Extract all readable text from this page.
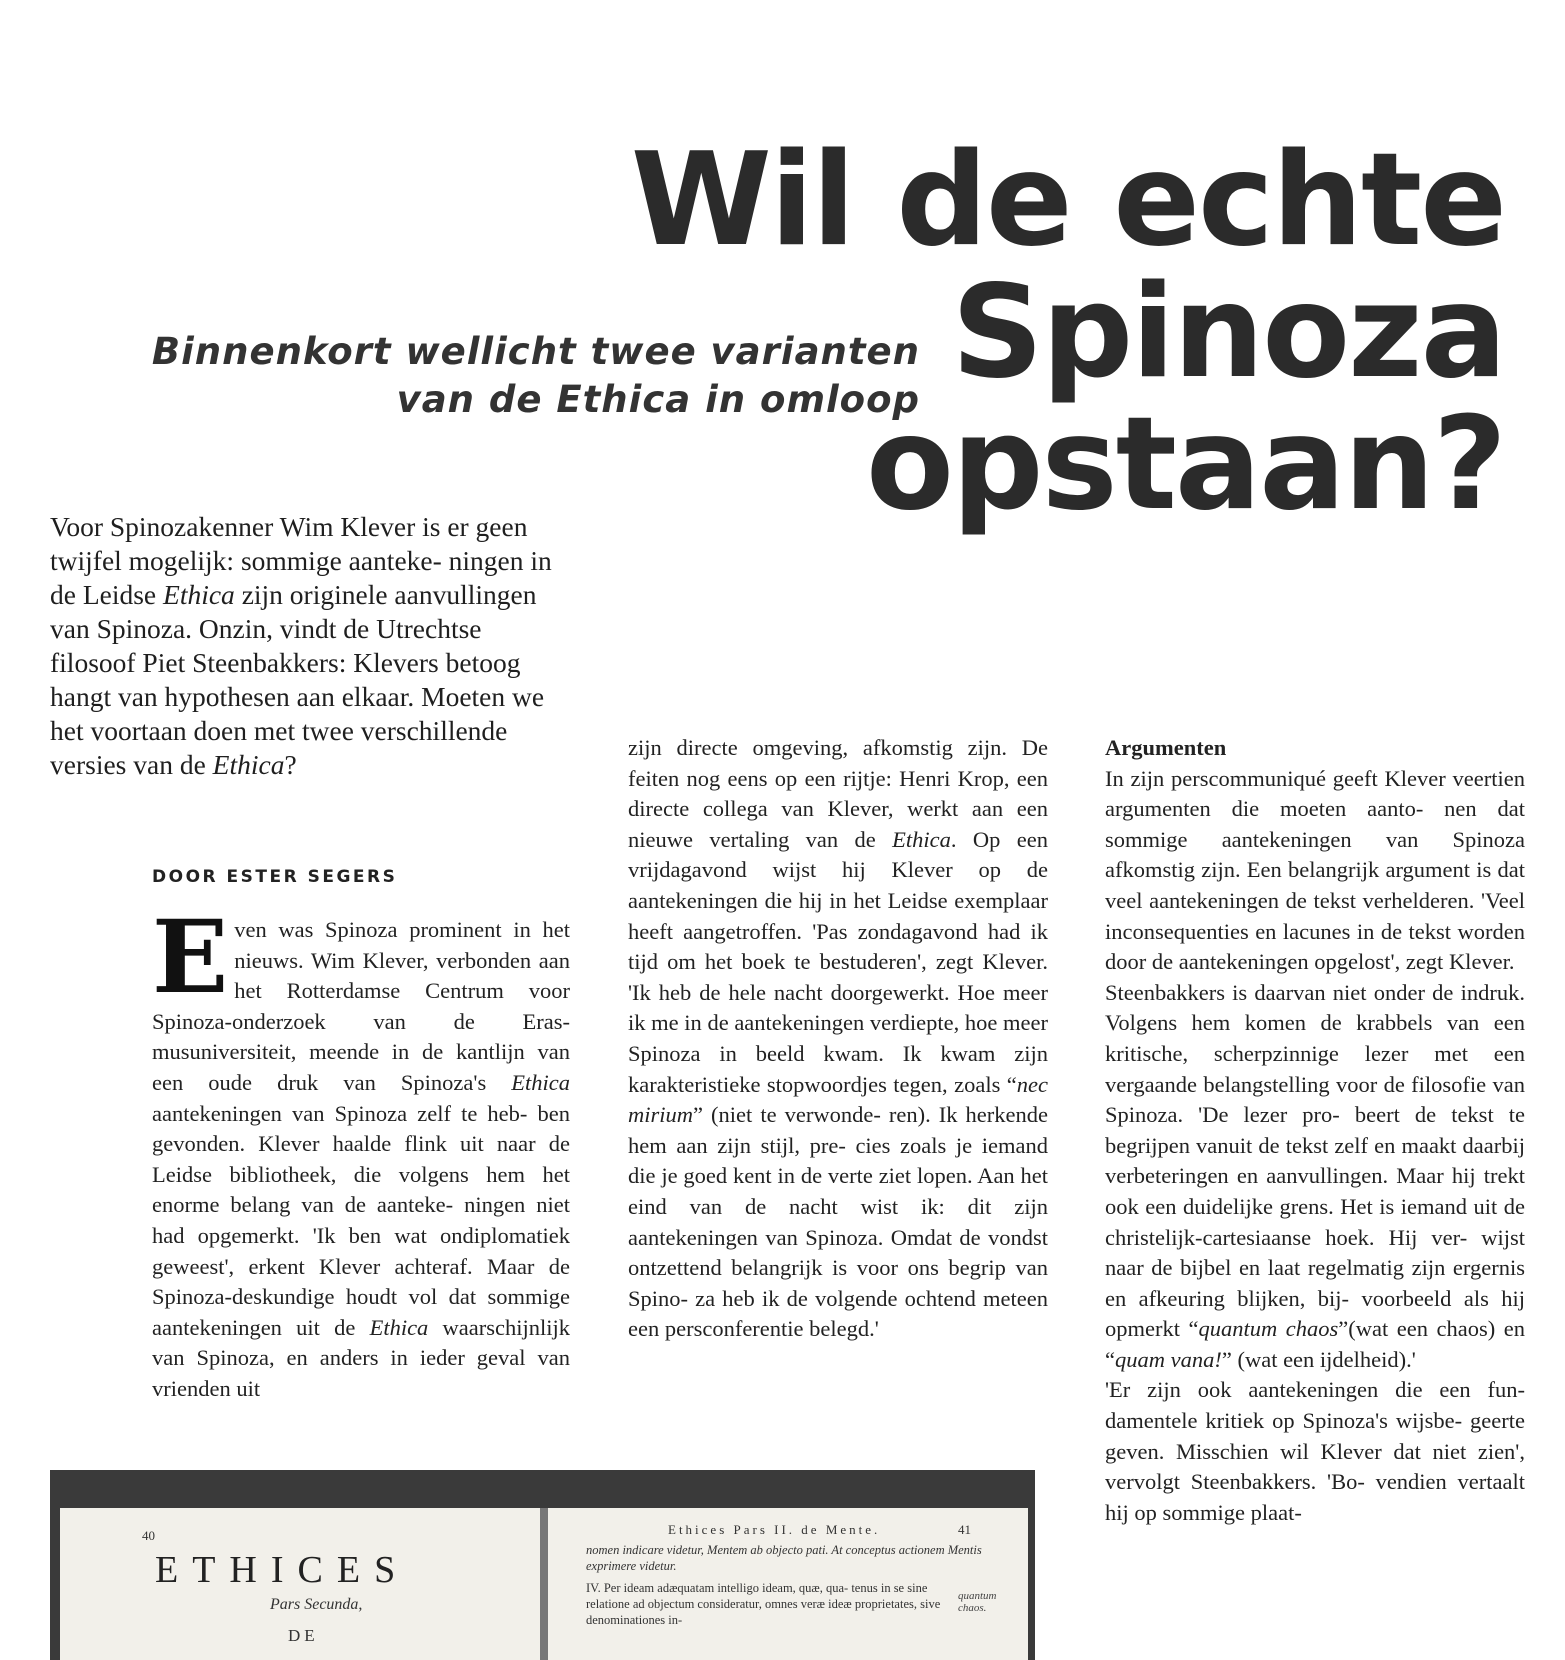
Wil de echte
Spinoza
opstaan?
Binnenkort wellicht twee varianten
van de Ethica in omloop
Voor Spinozakenner Wim Klever is er geen twijfel mogelijk: sommige aanteke- ningen in de Leidse Ethica zijn originele aanvullingen van Spinoza. Onzin, vindt de Utrechtse filosoof Piet Steenbakkers: Klevers betoog hangt van hypothesen aan elkaar. Moeten we het voortaan doen met twee verschillende versies van de Ethica?
DOOR ESTER SEGERS

Even was Spinoza prominent in het nieuws. Wim Klever, verbonden aan het Rotterdamse Centrum voor Spinoza-onderzoek van de Eras- musuniversiteit, meende in de kantlijn van een oude druk van Spinoza's Ethica aantekeningen van Spinoza zelf te heb- ben gevonden. Klever haalde flink uit naar de Leidse bibliotheek, die volgens hem het enorme belang van de aanteke- ningen niet had opgemerkt. 'Ik ben wat ondiplomatiek geweest', erkent Klever achteraf. Maar de Spinoza-deskundige houdt vol dat sommige aantekeningen uit de Ethica waarschijnlijk van Spinoza, en anders in ieder geval van vrienden uit

zijn directe omgeving, afkomstig zijn. De feiten nog eens op een rijtje: Henri Krop, een directe collega van Klever, werkt aan een nieuwe vertaling van de Ethica. Op een vrijdagavond wijst hij Klever op de aantekeningen die hij in het Leidse exemplaar heeft aangetroffen. 'Pas zondagavond had ik tijd om het boek te bestuderen', zegt Klever. 'Ik heb de hele nacht doorgewerkt. Hoe meer ik me in de aantekeningen verdiepte, hoe meer Spinoza in beeld kwam. Ik kwam zijn karakteristieke stopwoordjes tegen, zoals “nec mirium” (niet te verwonde- ren). Ik herkende hem aan zijn stijl, pre- cies zoals je iemand die je goed kent in de verte ziet lopen. Aan het eind van de nacht wist ik: dit zijn aantekeningen van Spinoza. Omdat de vondst ontzettend belangrijk is voor ons begrip van Spino- za heb ik de volgende ochtend meteen een persconferentie belegd.'

Argumenten

In zijn perscommuniqué geeft Klever veertien argumenten die moeten aanto- nen dat sommige aantekeningen van Spinoza afkomstig zijn. Een belangrijk argument is dat veel aantekeningen de tekst verhelderen. 'Veel inconsequenties en lacunes in de tekst worden door de aantekeningen opgelost', zegt Klever.

Steenbakkers is daarvan niet onder de indruk. Volgens hem komen de krabbels van een kritische, scherpzinnige lezer met een vergaande belangstelling voor de filosofie van Spinoza. 'De lezer pro- beert de tekst te begrijpen vanuit de tekst zelf en maakt daarbij verbeteringen en aanvullingen. Maar hij trekt ook een duidelijke grens. Het is iemand uit de christelijk-cartesiaanse hoek. Hij ver- wijst naar de bijbel en laat regelmatig zijn ergernis en afkeuring blijken, bij- voorbeeld als hij opmerkt “quantum chaos”(wat een chaos) en “quam vana!” (wat een ijdelheid).'

'Er zijn ook aantekeningen die een fun- damentele kritiek op Spinoza's wijsbe- geerte geven. Misschien wil Klever dat niet zien', vervolgt Steenbakkers. 'Bo- vendien vertaalt hij op sommige plaat-

40
ETHICES
Pars Secunda,
DE
Ethices Pars II. de Mente.	41

nomen indicare videtur, Mentem ab objecto pati. At conceptus actionem Mentis exprimere videtur.

IV. Per ideam adæquatam intelligo ideam, quæ, qua- tenus in se sine relatione ad objectum consideratur, omnes veræ ideæ proprietates, sive denominationes in-

quantum chaos.
